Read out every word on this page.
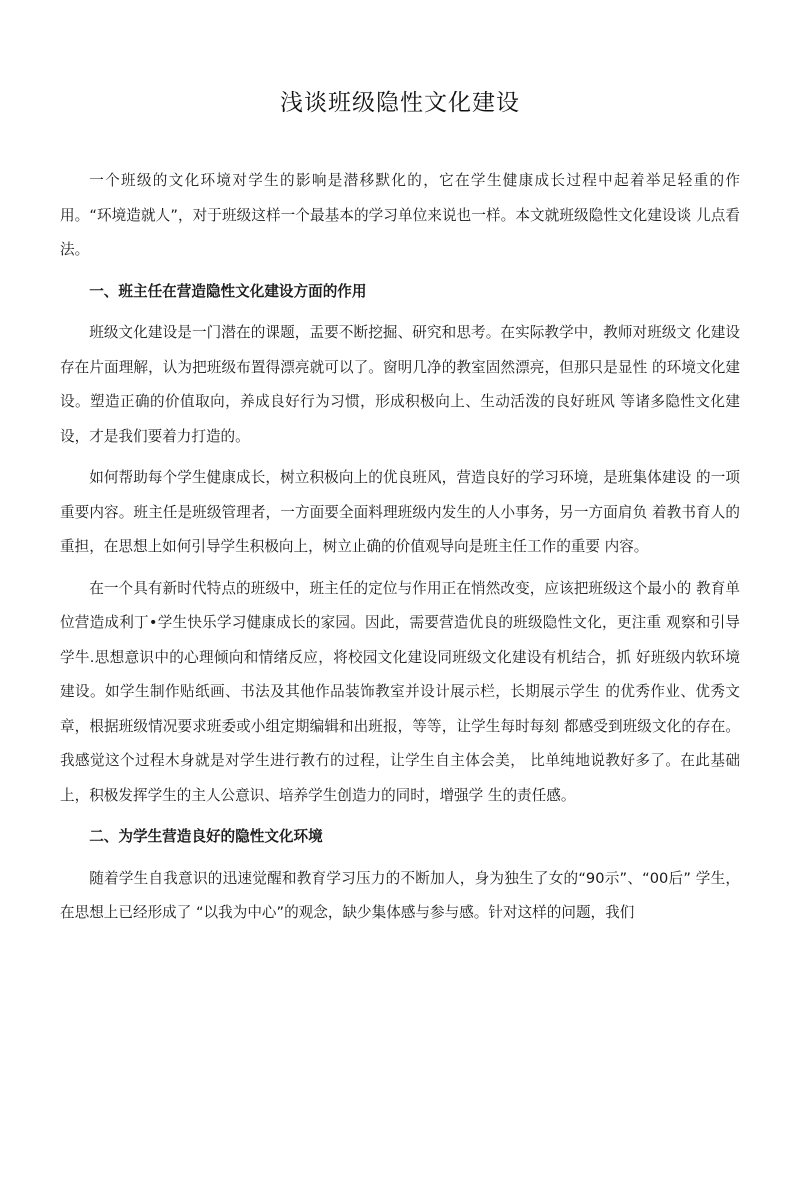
浅谈班级隐性文化建设

一个班级的文化环境对学生的影响是潜移默化的，它在学生健康成长过程中起着举足轻重的作 用。“环境造就人”，对于班级这样一个最基本的学习单位来说也一样。本文就班级隐性文化建设谈 儿点看法。

一、班主任在营造隐性文化建设方面的作用

班级文化建设是一门潜在的课题，盂要不断挖掘、研究和思考。在实际教学中，教师对班级文 化建设存在片面理解，认为把班级布置得漂亮就可以了。窗明几净的教室固然漂亮，但那只是显性 的环境文化建设。塑造正确的价值取向，养成良好行为习惯，形成积极向上、生动活泼的良好班风 等诸多隐性文化建设，才是我们要着力打造的。

如何帮助每个学生健康成长，树立积极向上的优良班风，营造良好的学习环境，是班集体建设 的一项重要内容。班主任是班级管理者，一方面要全面料理班级内发生的人小事务，另一方面肩负 着教书育人的重担，在思想上如何引导学生积极向上，树立止确的价值观导向是班主任工作的重要 内容。

在一个具有新时代特点的班级中，班主任的定位与作用正在悄然改变，应该把班级这个最小的 教育单位营造成利丁•学生快乐学习健康成长的家园。因此，需要营造优良的班级隐性文化，更注重 观察和引导学牛.思想意识中的心理倾向和情绪反应，将校园文化建设同班级文化建设有机结合，抓 好班级内软环境建设。如学生制作贴纸画、书法及其他作品装饰教室并设计展示栏，长期展示学生 的优秀作业、优秀文章，根据班级情况要求班委或小组定期编辑和出班报，等等，让学生每时每刻 都感受到班级文化的存在。我感觉这个过程木身就是对学生进行教冇的过程，让学生自主体会美， 比单纯地说教好多了。在此基础上，积极发挥学生的主人公意识、培养学生创造力的同时，增强学 生的责任感。

二、为学生营造良好的隐性文化环境

随着学生自我意识的迅速觉醒和教育学习压力的不断加人，身为独生了女的“90示”、“00后” 学生，在思想上已经形成了 “以我为中心”的观念，缺少集体感与参与感。针对这样的问题，我们
